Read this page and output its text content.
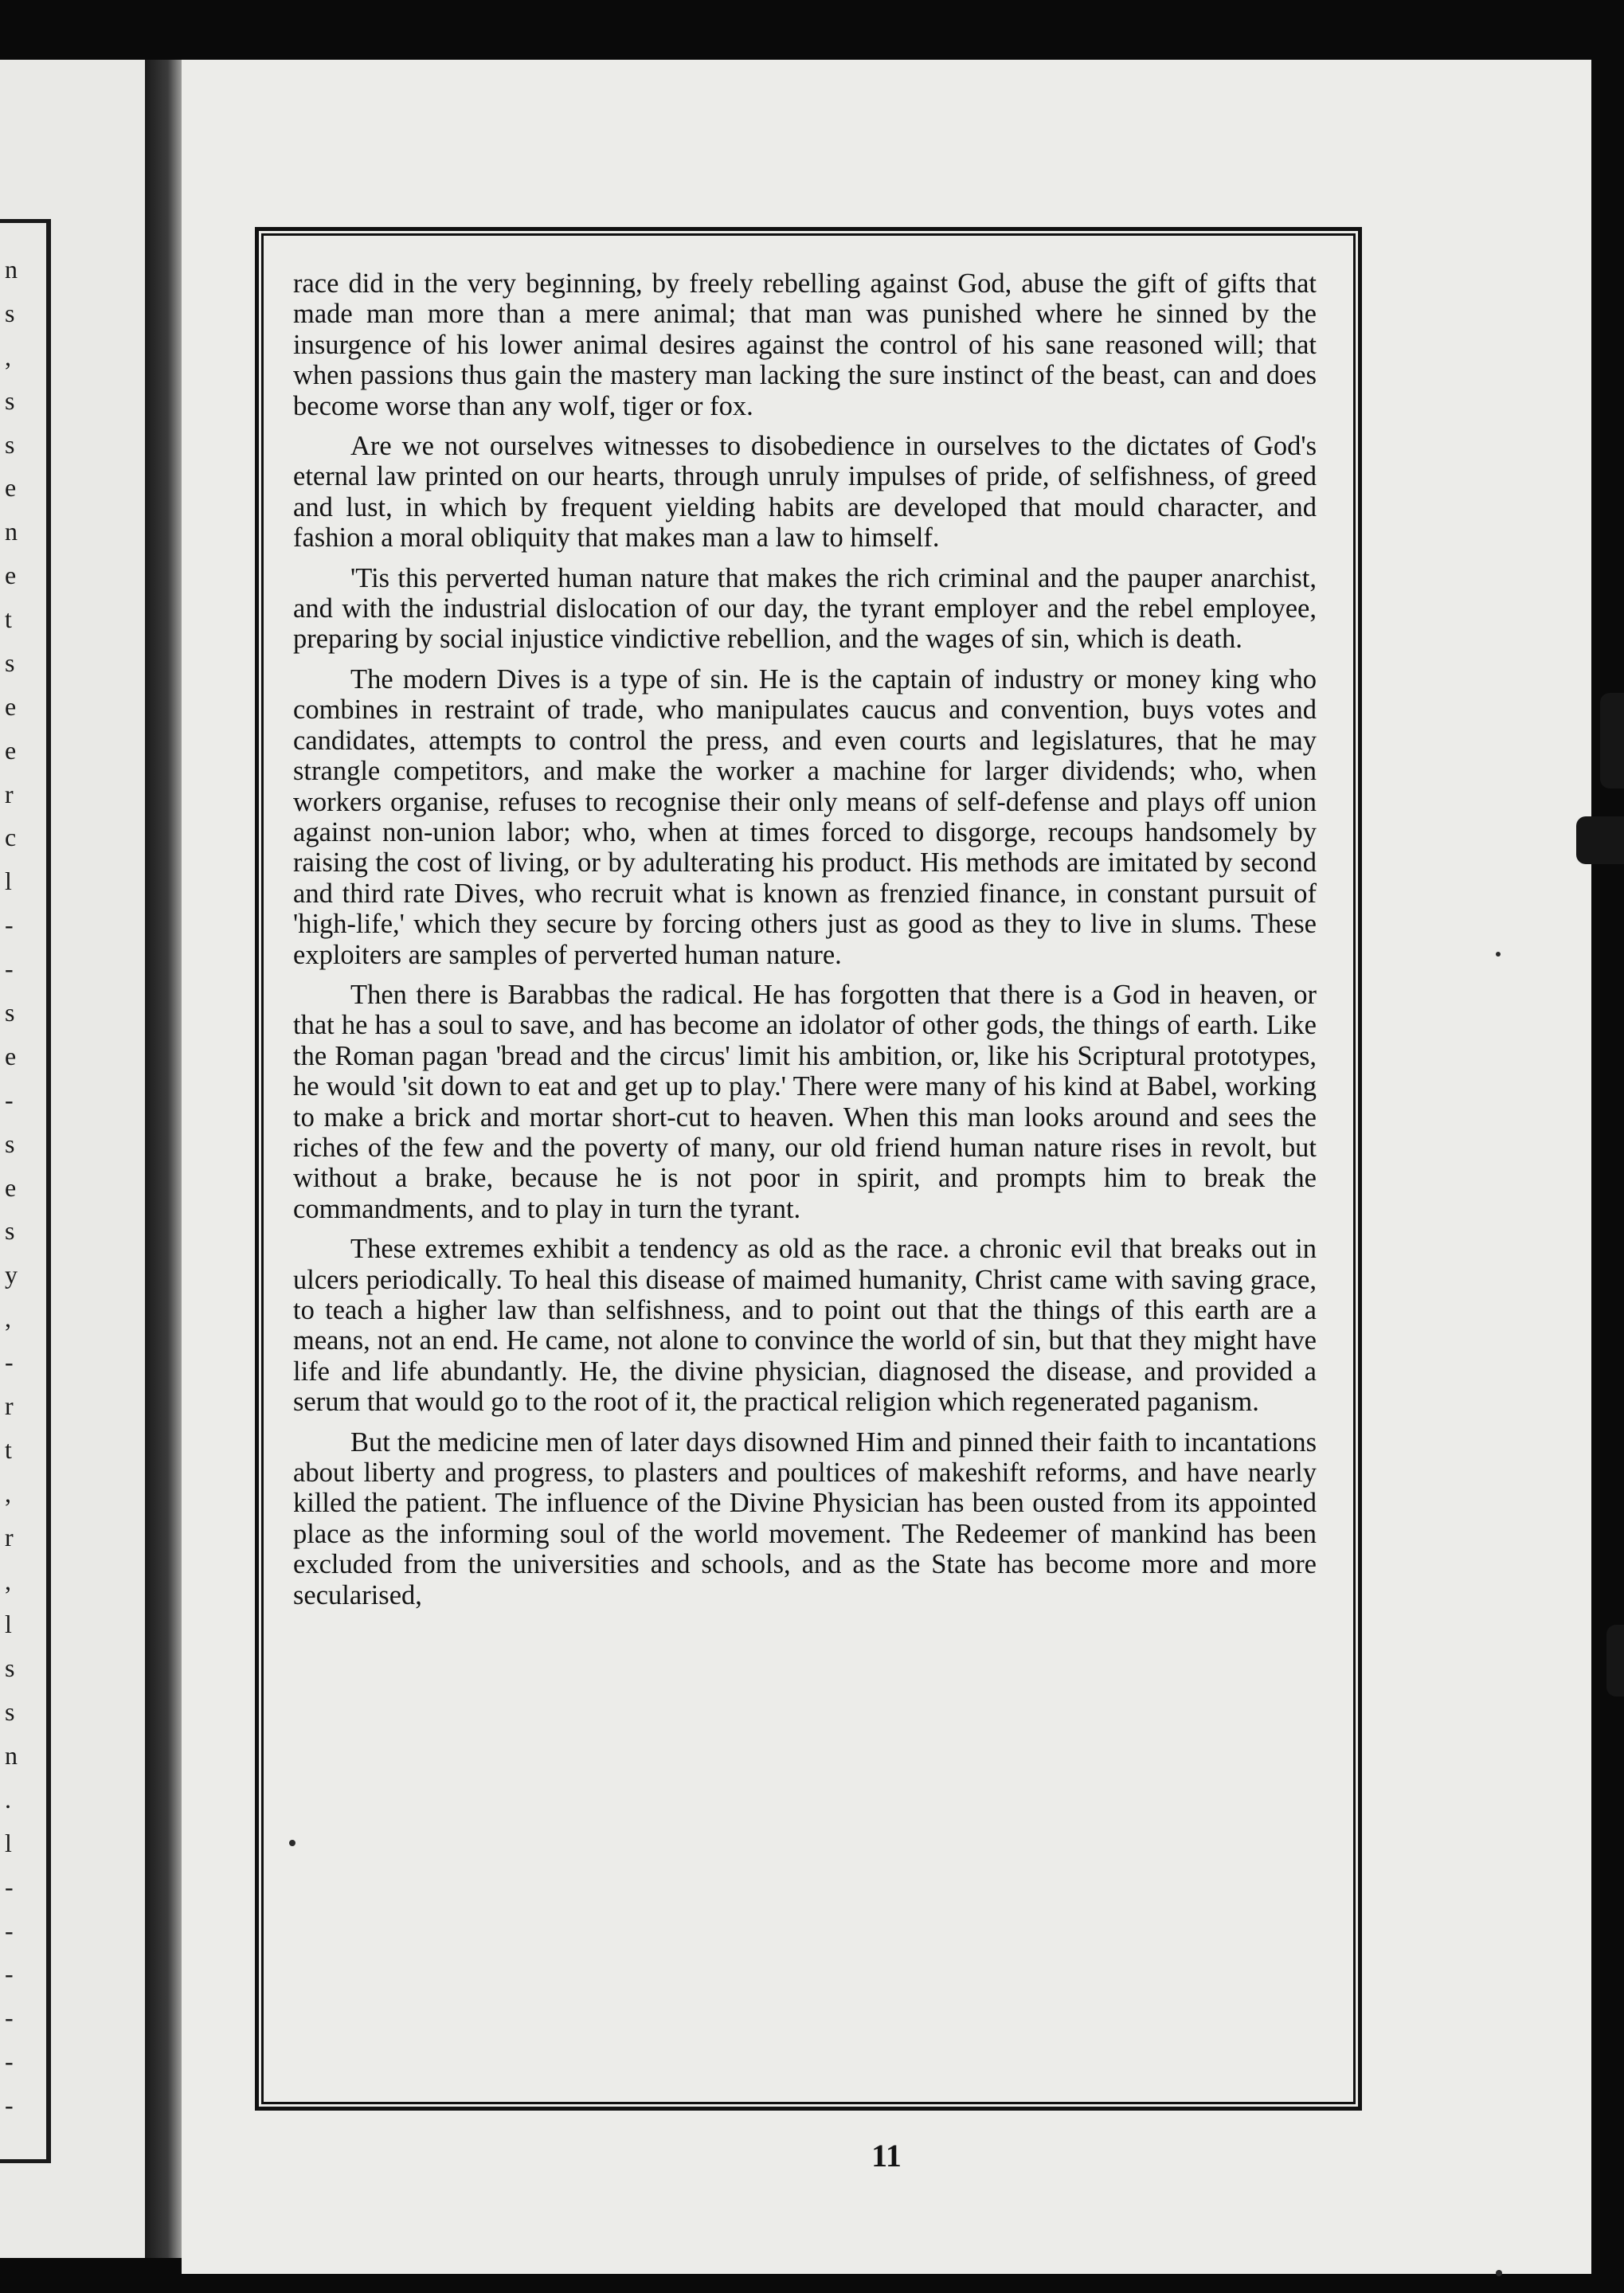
n
s
,
s
s
e
n
e
t
s
e
e
r
c
l
-
-
s
e
-
s
e
s
y
,
-
r
t
,
r
,
l
s
s
n
.
l
-
-
-
-
-
-

race did in the very beginning, by freely rebelling against God, abuse the gift of gifts that made man more than a mere animal; that man was punished where he sinned by the insurgence of his lower animal desires against the control of his sane reasoned will; that when passions thus gain the mastery man lacking the sure instinct of the beast, can and does become worse than any wolf, tiger or fox.

Are we not ourselves witnesses to disobedience in ourselves to the dictates of God's eternal law printed on our hearts, through unruly impulses of pride, of selfishness, of greed and lust, in which by frequent yielding habits are developed that mould character, and fashion a moral obliquity that makes man a law to himself.

'Tis this perverted human nature that makes the rich criminal and the pauper anarchist, and with the industrial dislocation of our day, the tyrant employer and the rebel employee, preparing by social injustice vindictive rebellion, and the wages of sin, which is death.

The modern Dives is a type of sin. He is the captain of industry or money king who combines in restraint of trade, who manipulates caucus and convention, buys votes and candidates, attempts to control the press, and even courts and legislatures, that he may strangle competitors, and make the worker a machine for larger dividends; who, when workers organise, refuses to recognise their only means of self-defense and plays off union against non-union labor; who, when at times forced to disgorge, recoups handsomely by raising the cost of living, or by adulterating his product. His methods are imitated by second and third rate Dives, who recruit what is known as frenzied finance, in constant pursuit of 'high-life,' which they secure by forcing others just as good as they to live in slums. These exploiters are samples of perverted human nature.

Then there is Barabbas the radical. He has forgotten that there is a God in heaven, or that he has a soul to save, and has become an idolator of other gods, the things of earth. Like the Roman pagan 'bread and the circus' limit his ambition, or, like his Scriptural prototypes, he would 'sit down to eat and get up to play.' There were many of his kind at Babel, working to make a brick and mortar short-cut to heaven. When this man looks around and sees the riches of the few and the poverty of many, our old friend human nature rises in revolt, but without a brake, because he is not poor in spirit, and prompts him to break the commandments, and to play in turn the tyrant.

These extremes exhibit a tendency as old as the race. a chronic evil that breaks out in ulcers periodically. To heal this disease of maimed humanity, Christ came with saving grace, to teach a higher law than selfishness, and to point out that the things of this earth are a means, not an end. He came, not alone to convince the world of sin, but that they might have life and life abundantly. He, the divine physician, diagnosed the disease, and provided a serum that would go to the root of it, the practical religion which regenerated paganism.

But the medicine men of later days disowned Him and pinned their faith to incantations about liberty and progress, to plasters and poultices of makeshift reforms, and have nearly killed the patient. The influence of the Divine Physician has been ousted from its appointed place as the informing soul of the world movement. The Redeemer of mankind has been excluded from the universities and schools, and as the State has become more and more secularised,

11
